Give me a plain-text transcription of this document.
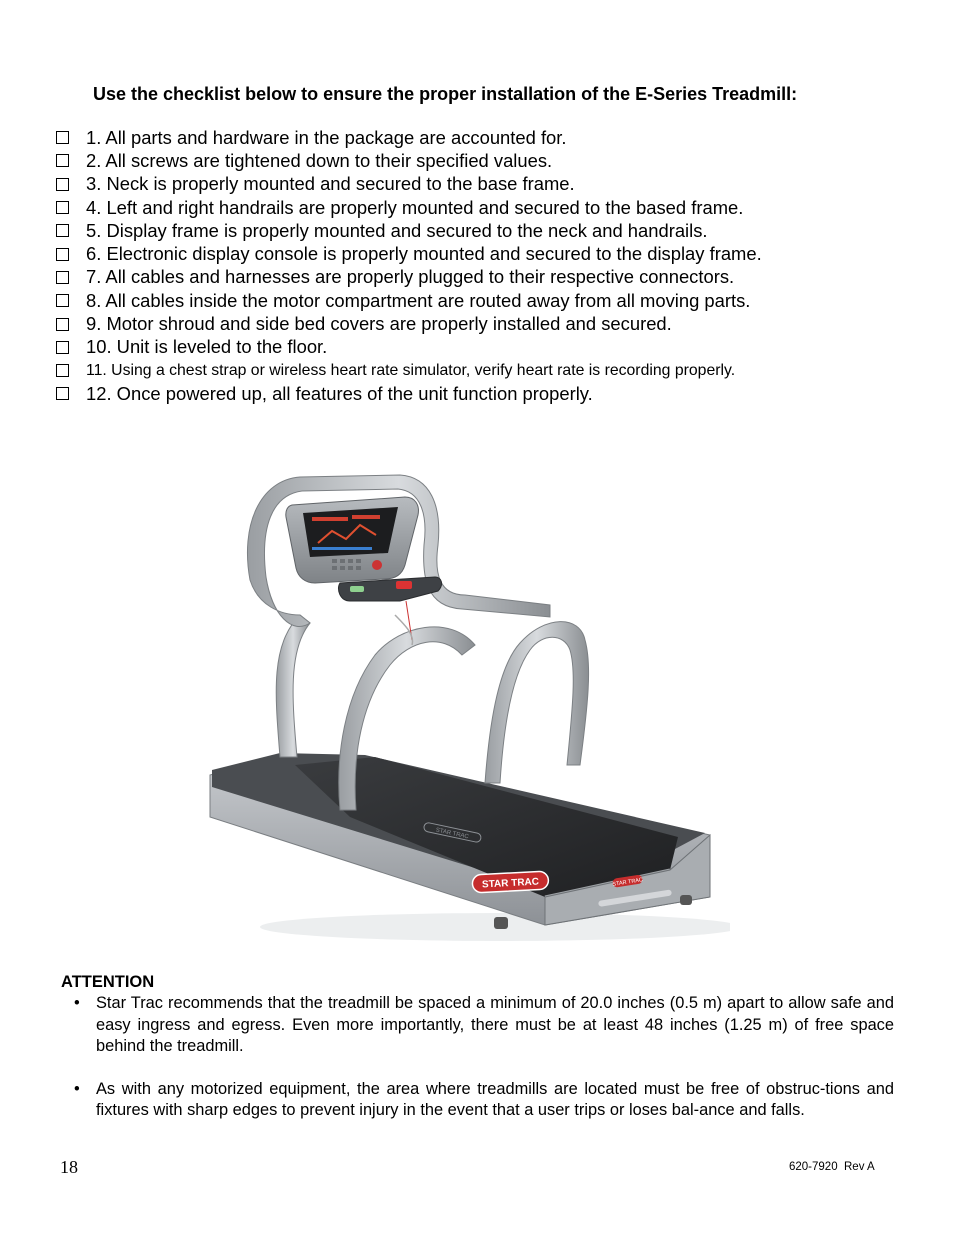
Use the checklist below to ensure the proper installation of the E-Series Treadmill:
1. All parts and hardware in the package are accounted for.
2. All screws are tightened down to their specified values.
3. Neck is properly mounted and secured to the base frame.
4. Left and right handrails are properly mounted and secured to the based frame.
5. Display frame is properly mounted and secured to the neck and handrails.
6. Electronic display console is properly mounted and secured to the display frame.
7. All cables and harnesses are properly plugged to their respective connectors.
8. All cables inside the motor compartment are routed away from all moving parts.
9. Motor shroud and side bed covers are properly installed and secured.
10. Unit is leveled to the floor.
11. Using a chest strap or wireless heart rate simulator, verify heart rate is recording properly.
12. Once powered up, all features of the unit function properly.
STAR TRAC	STAR TRAC
STAR TRAC
ATTENTION
• Star Trac recommends that the treadmill be spaced a minimum of 20.0 inches (0.5 m) apart to allow safe and easy ingress and egress. Even more importantly, there must be at least 48 inches (1.25 m) of free space behind the treadmill.
• As with any motorized equipment, the area where treadmills are located must be free of obstruc-tions and fixtures with sharp edges to prevent injury in the event that a user trips or loses bal-ance and falls.
18	620-7920  Rev A
